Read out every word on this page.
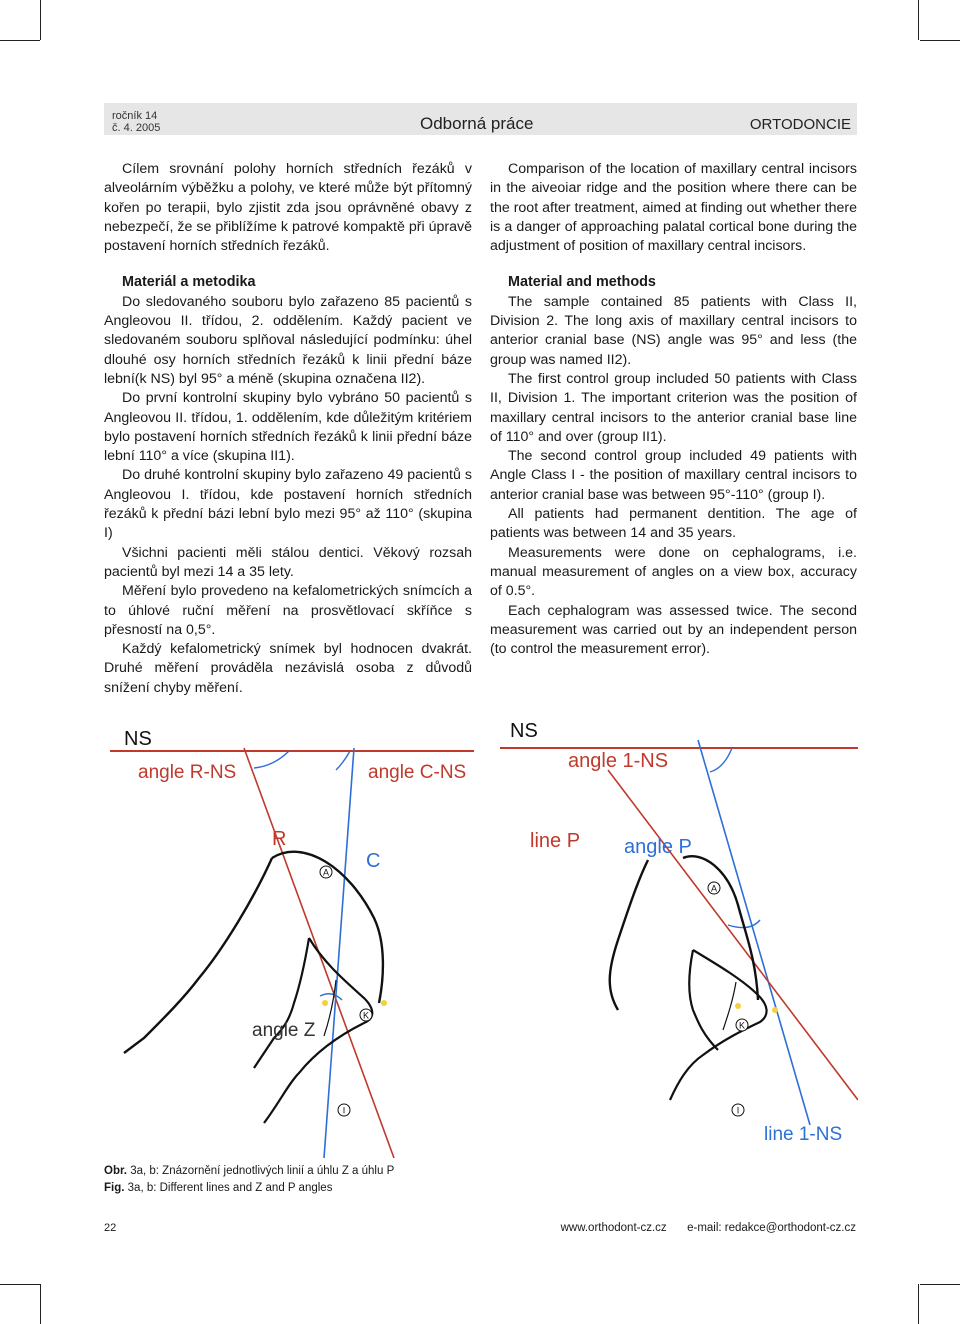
ročník 14
č. 4. 2005	Odborná práce	ORTODONCIE

Cílem srovnání polohy horních středních řezáků v alveolárním výběžku a polohy, ve které může být přítomný kořen po terapii, bylo zjistit zda jsou oprávněné obavy z nebezpečí, že se přiblížíme k patrové kompaktě při úpravě postavení horních středních řezáků.

Materiál a metodika

Do sledovaného souboru bylo zařazeno 85 pacientů s Angleovou II. třídou, 2. oddělením. Každý pacient ve sledovaném souboru splňoval následující podmínku: úhel dlouhé osy horních středních řezáků k linii přední báze lební(k NS) byl 95° a méně (skupina označena II2).

Do první kontrolní skupiny bylo vybráno 50 pacientů s Angleovou II. třídou, 1. oddělením, kde důležitým kritériem bylo postavení horních středních řezáků k linii přední báze lební 110° a více (skupina II1).

Do druhé kontrolní skupiny bylo zařazeno 49 pacientů s Angleovou I. třídou, kde postavení horních středních řezáků k přední bázi lební bylo mezi 95° až 110° (skupina I)

Všichni pacienti měli stálou dentici. Věkový rozsah pacientů byl mezi 14 a 35 lety.

Měření bylo provedeno na kefalometrických snímcích a to úhlové ruční měření na prosvětlovací skříňce s přesností na 0,5°.

Každý kefalometrický snímek byl hodnocen dvakrát. Druhé měření prováděla nezávislá osoba z důvodů snížení chyby měření.

Comparison of the location of maxillary central incisors in the aiveoiar ridge and the position where there can be the root after treatment, aimed at finding out whether there is a danger of approaching palatal cortical bone during the adjustment of position of maxillary central incisors.

Material and methods

The sample contained 85 patients with Class II, Division 2. The long axis of maxillary central incisors to anterior cranial base (NS) angle was 95° and less (the group was named II2).

The first control group included 50 patients with Class II, Division 1. The important criterion was the position of maxillary central incisors to the anterior cranial base line of 110° and over (group II1).

The second control group included 49 patients with Angle Class I - the position of maxillary central incisors to anterior cranial base was between 95°-110° (group I).

All patients had permanent dentition. The age of patients was between 14 and 35 years.

Measurements were done on cephalograms, i.e. manual measurement of angles on a view box, accuracy of 0.5°.

Each cephalogram was assessed twice. The second measurement was carried out by an independent person (to control the measurement error).

A
K
I
NS
angle R-NS	angle C-NS
R
C
angle Z
A
K
I
NS
angle 1-NS
line P angle P
line 1-NS
Obr. 3a, b: Znázornění jednotlivých linií a úhlu Z a úhlu P
Fig. 3a, b: Different lines and Z and P angles
22	www.orthodont-cz.cz e-mail: redakce@orthodont-cz.cz
